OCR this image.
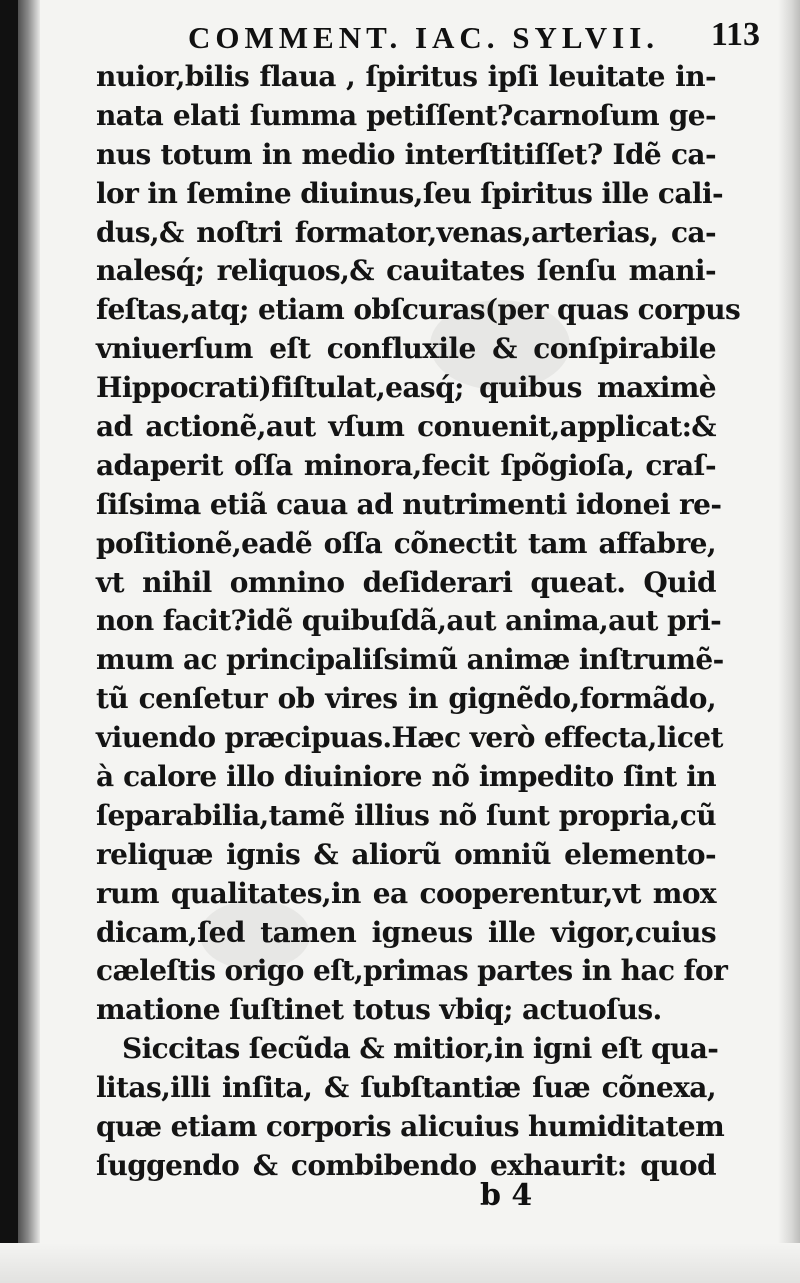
COMMENT. IAC. SYLVII. 113
nuior,bilis flaua , ſpiritus ipſi leuitate in-
nata elati ſumma petiſſent?carnoſum ge-
nus totum in medio interſtitiſſet? Idẽ ca-
lor in ſemine diuinus,ſeu ſpiritus ille cali-
dus,& noſtri formator,venas,arterias, ca-
nalesq́; reliquos,& cauitates ſenſu mani-
feſtas,atq; etiam obſcuras(per quas corpus
vniuerſum eſt confluxile & conſpirabile
Hippocrati)fiſtulat,easq́; quibus maximè
ad actionẽ,aut vſum conuenit,applicat:&
adaperit oſſa minora,fecit ſpõgioſa, craſ-
ſiſsima etiã caua ad nutrimenti idonei re-
poſitionẽ,eadẽ oſſa cõnectit tam affabre,
vt nihil omnino deſiderari queat. Quid
non facit?idẽ quibuſdã,aut anima,aut pri-
mum ac principaliſsimũ animæ inſtrumẽ-
tũ cenſetur ob vires in gignẽdo,formãdo,
viuendo præcipuas.Hæc verò effecta,licet
à calore illo diuiniore nõ impedito ſint in
ſeparabilia,tamẽ illius nõ ſunt propria,cũ
reliquæ ignis & aliorũ omniũ elemento-
rum qualitates,in ea cooperentur,vt mox
dicam,ſed tamen igneus ille vigor,cuius
cæleſtis origo eſt,primas partes in hac for
matione ſuſtinet totus vbiq; actuoſus.
Siccitas ſecũda & mitior,in igni eſt qua-
litas,illi inſita, & ſubſtantiæ ſuæ cõnexa,
quæ etiam corporis alicuius humiditatem
ſuggendo & combibendo exhaurit: quod
b 4
